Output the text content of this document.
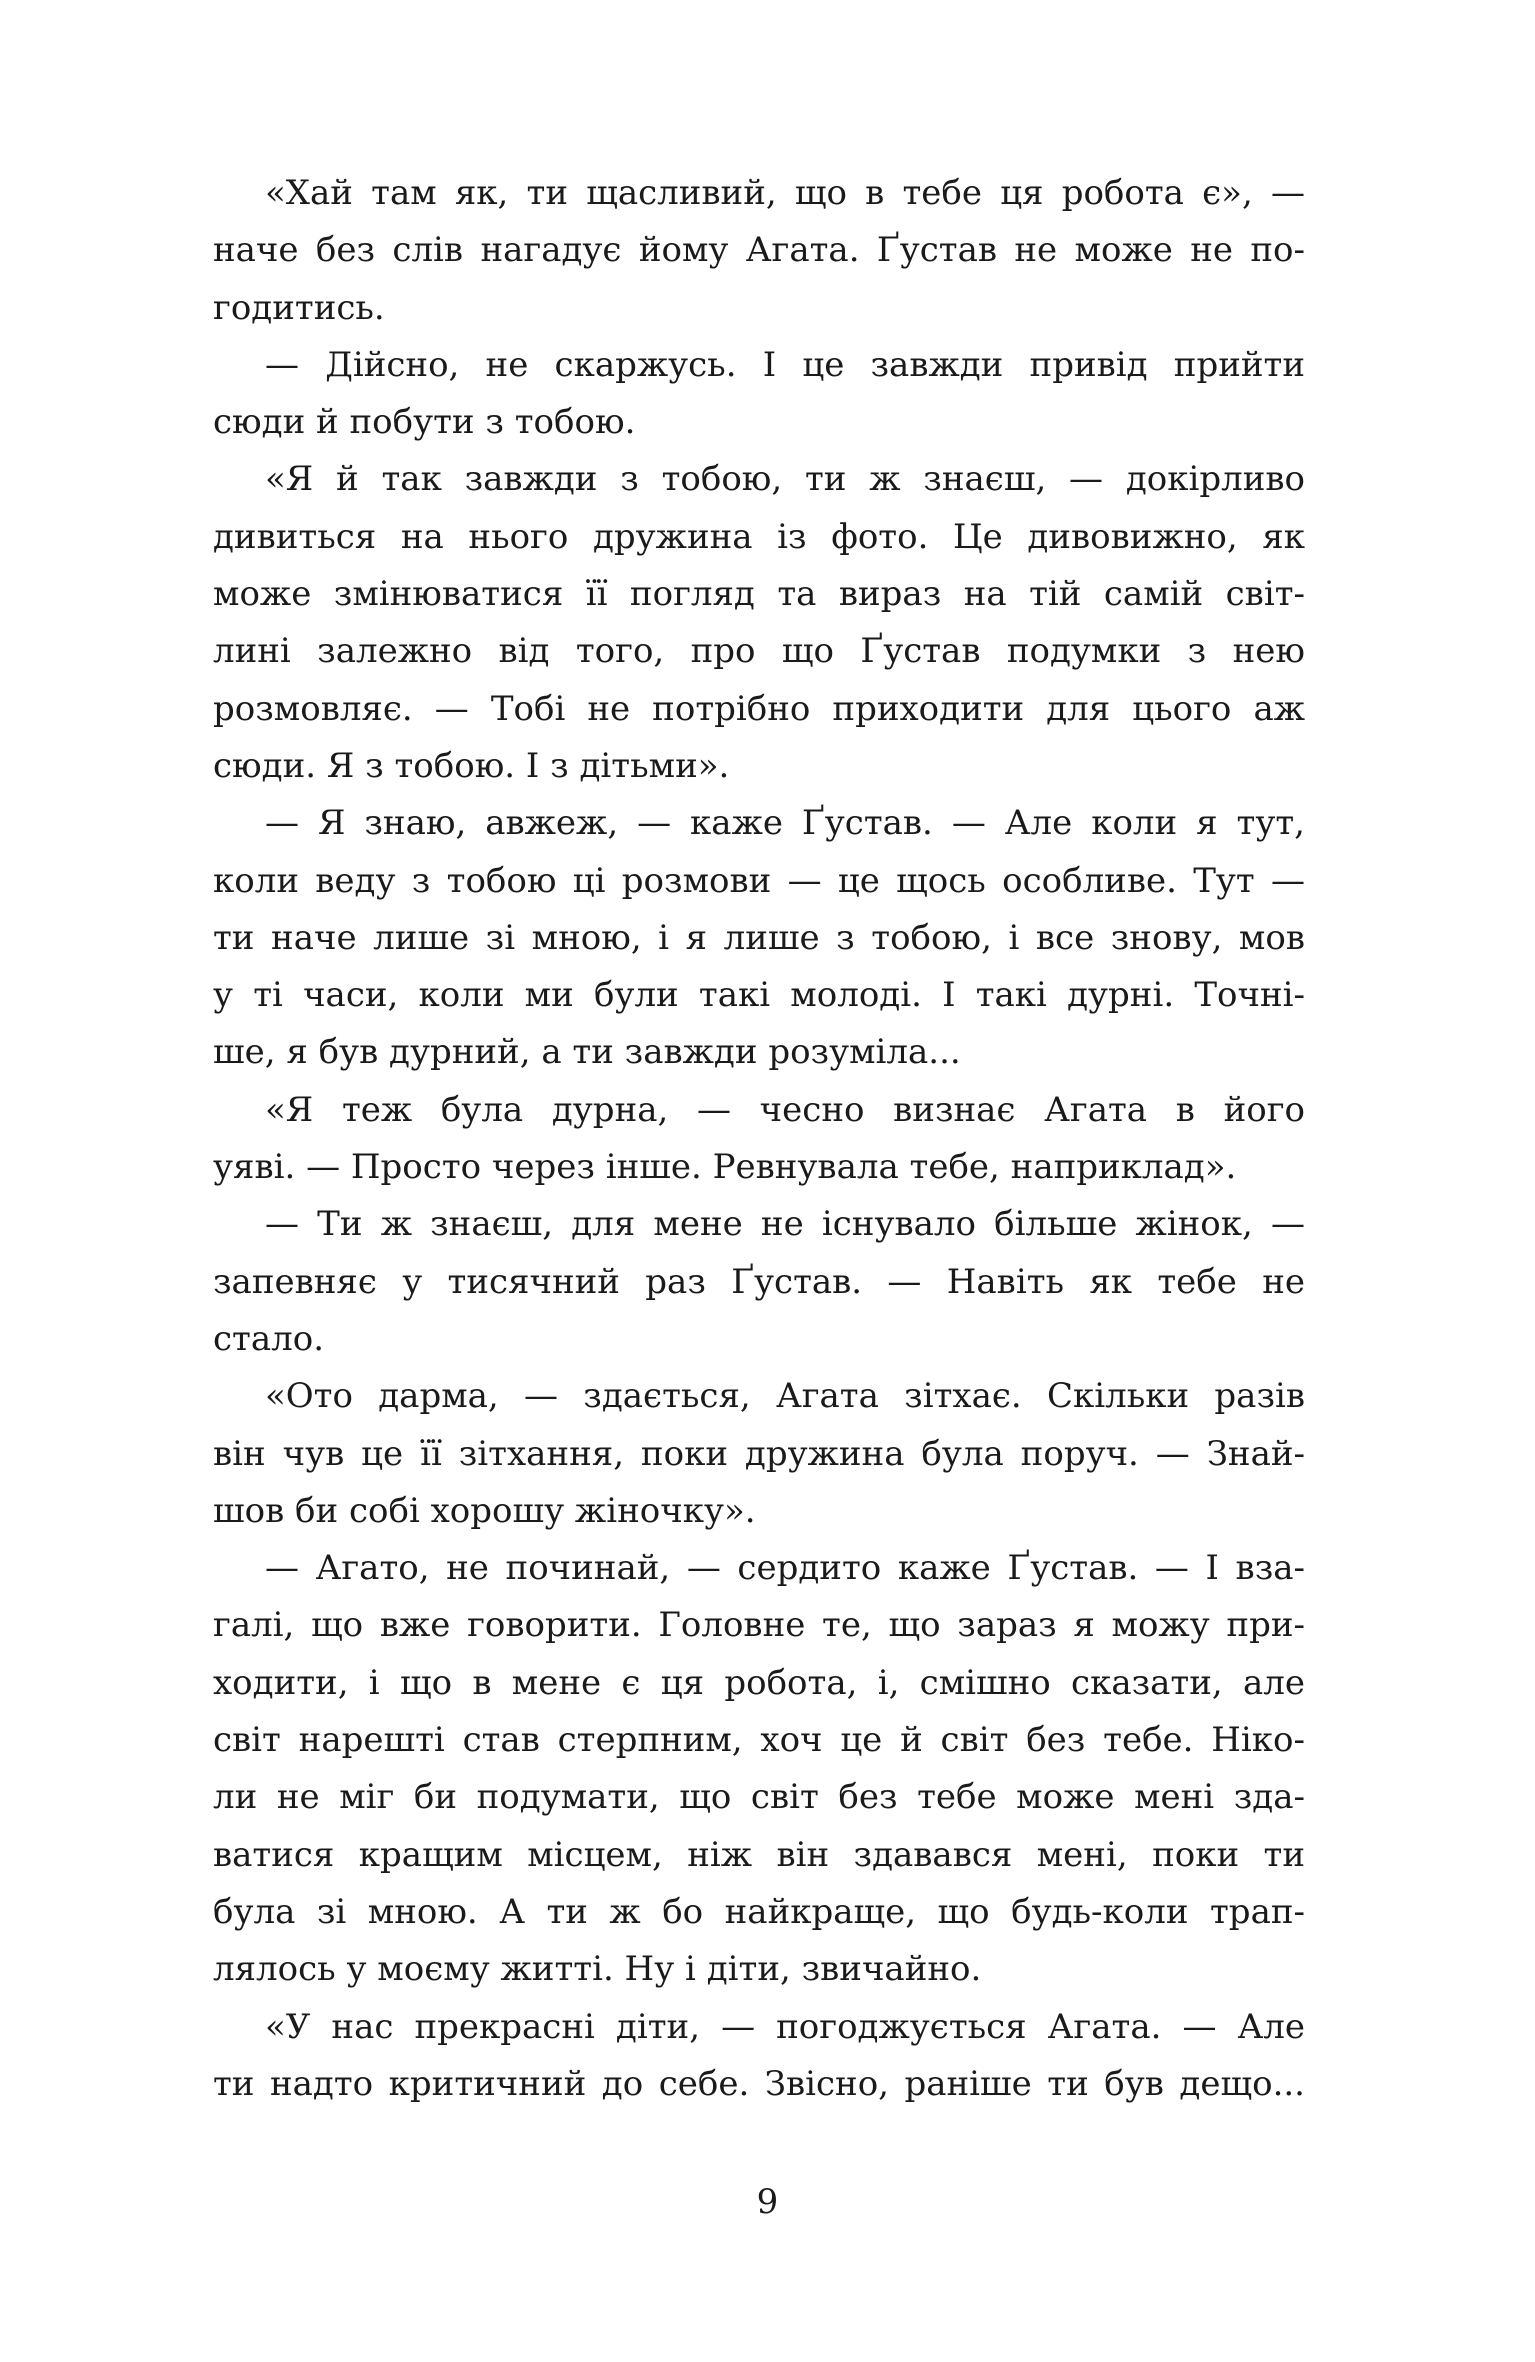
«Хай там як, ти щасливий, що в тебе ця робота є», —
наче без слів нагадує йому Агата. Ґустав не може не по-
годитись.
— Дійсно, не скаржусь. І це завжди привід прийти
сюди й побути з тобою.
«Я й так завжди з тобою, ти ж знаєш, — докірливо
дивиться на нього дружина із фото. Це дивовижно, як
може змінюватися її погляд та вираз на тій самій світ-
лині залежно від того, про що Ґустав подумки з нею
розмовляє. — Тобі не потрібно приходити для цього аж
сюди. Я з тобою. І з дітьми».
— Я знаю, авжеж, — каже Ґустав. — Але коли я тут,
коли веду з тобою ці розмови — це щось особливе. Тут —
ти наче лише зі мною, і я лише з тобою, і все знову, мов
у ті часи, коли ми були такі молоді. І такі дурні. Точні-
ше, я був дурний, а ти завжди розуміла...
«Я теж була дурна, — чесно визнає Агата в його
уяві. — Просто через інше. Ревнувала тебе, наприклад».
— Ти ж знаєш, для мене не існувало більше жінок, —
запевняє у тисячний раз Ґустав. — Навіть як тебе не
стало.
«Ото дарма, — здається, Агата зітхає. Скільки разів
він чув це її зітхання, поки дружина була поруч. — Знай-
шов би собі хорошу жіночку».
— Агато, не починай, — сердито каже Ґустав. — І вза-
галі, що вже говорити. Головне те, що зараз я можу при-
ходити, і що в мене є ця робота, і, смішно сказати, але
світ нарешті став стерпним, хоч це й світ без тебе. Ніко-
ли не міг би подумати, що світ без тебе може мені зда-
ватися кращим місцем, ніж він здавався мені, поки ти
була зі мною. А ти ж бо найкраще, що будь-коли трап-
лялось у моєму житті. Ну і діти, звичайно.
«У нас прекрасні діти, — погоджується Агата. — Але
ти надто критичний до себе. Звісно, раніше ти був дещо...
9
